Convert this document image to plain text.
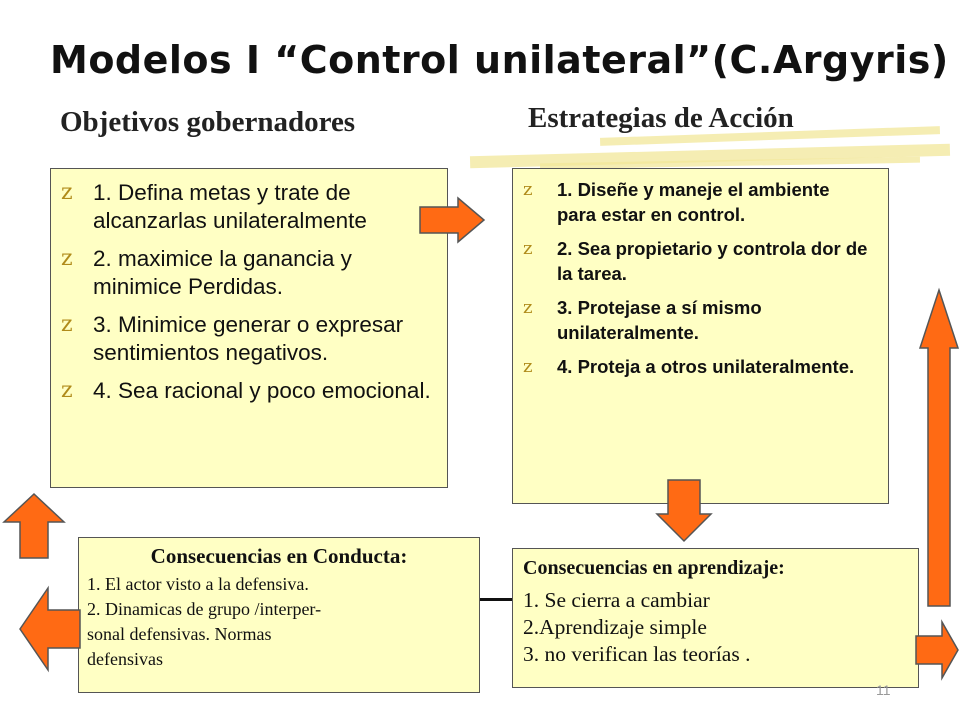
Modelos I “Control unilateral”(C.Argyris)
Objetivos gobernadores	Estrategias de Acción
z 1. Defina metas y trate de alcanzarlas unilateralmente
z 2. maximice la ganancia y minimice Perdidas.
z 3. Minimice generar o expresar sentimientos negativos.
z 4. Sea racional y poco emocional.
z 1. Diseñe y maneje el ambiente para estar en control.
z 2. Sea propietario y controla dor de la tarea.
z 3. Protejase a sí mismo unilateralmente.
z 4. Proteja a otros unilateralmente.
Consecuencias en Conducta:
1. El actor visto a la defensiva.
2. Dinamicas de grupo /interper-
sonal defensivas. Normas
defensivas
Consecuencias en aprendizaje:
1. Se cierra a cambiar
2.Aprendizaje simple
3. no verifican las teorías .
11
